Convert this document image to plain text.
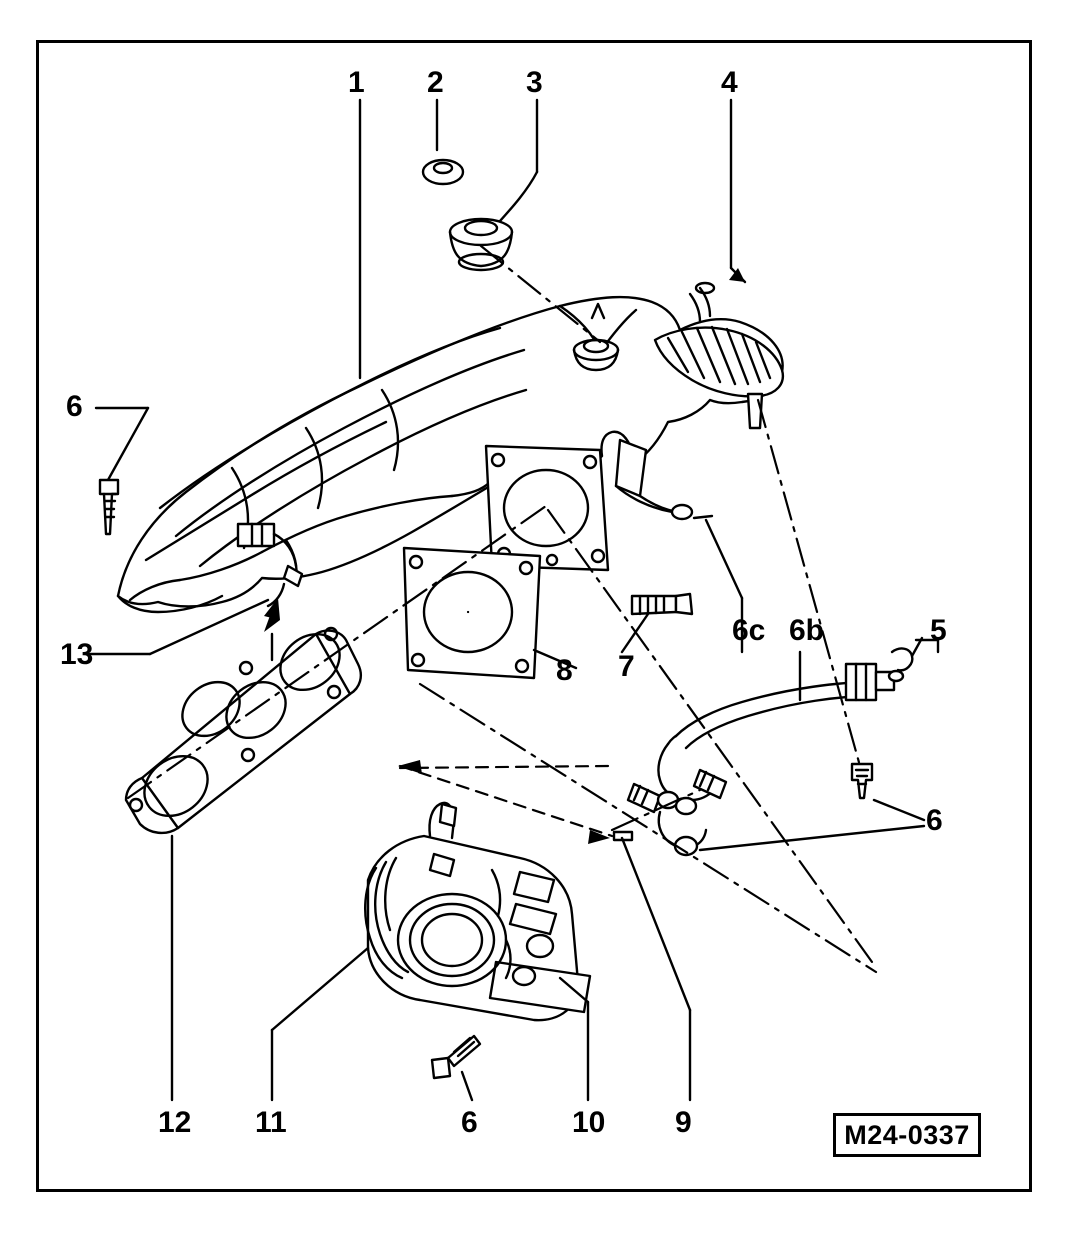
1 2	3	4
6
13	7
8
6c 6b	5
6
12 11	6	10 9	M24-0337
